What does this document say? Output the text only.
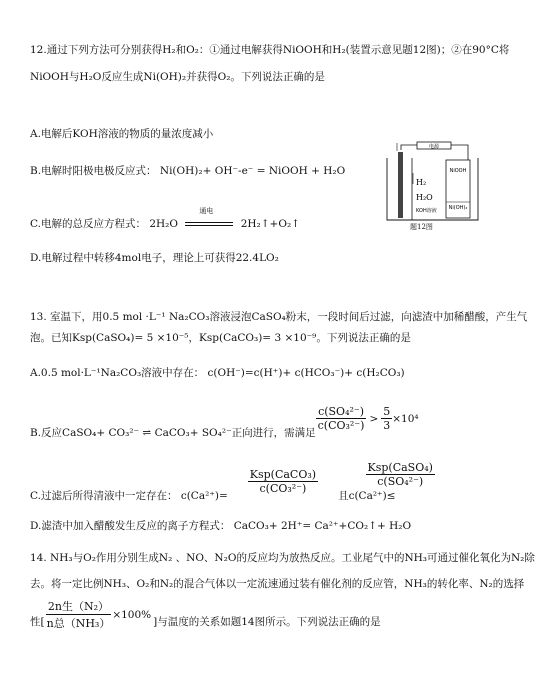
12.通过下列方法可分别获得H₂和O₂：①通过电解获得NiOOH和H₂(装置示意见题12图)；②在90°C将
NiOOH与H₂O反应生成Ni(OH)₂并获得O₂。下列说法正确的是
A.电解后KOH溶液的物质的量浓度减小
B.电解时阳极电极反应式： Ni(OH)₂+ OH⁻-e⁻ = NiOOH + H₂O
C.电解的总反应方程式： 2H₂O
通电
2H₂↑+O₂↑
D.电解过程中转移4mol电子，理论上可获得22.4LO₂
电源
NiOOH
Ni(OH)₂
H₂
H₂O
KOH溶液
题12图
13. 室温下，用0.5 mol ·L⁻¹ Na₂CO₃溶液浸泡CaSO₄粉末，一段时间后过滤，向滤渣中加稀醋酸，产生气
泡。已知Ksp(CaSO₄)= 5 ×10⁻⁵，Ksp(CaCO₃)= 3 ×10⁻⁹。下列说法正确的是
A.0.5 mol·L⁻¹Na₂CO₃溶液中存在： c(OH⁻)=c(H⁺)+ c(HCO₃⁻)+ c(H₂CO₃)
B.反应CaSO₄+ CO₃²⁻ ⇌ CaCO₃+ SO₄²⁻正向进行，需满足
$\frac{\text{c(SO₄²⁻)}}{\text{c(CO₃²⁻)}} > \frac{5}{3} \times 10^4$
C.过滤后所得清液中一定存在： c(Ca²⁺)=
$\frac{\text{Ksp(CaCO₃)}}{\text{c(CO₃²⁻)}}$
且c(Ca²⁺)≤
$\frac{\text{Ksp(CaSO₄)}}{\text{c(SO₄²⁻)}}$
D.滤渣中加入醋酸发生反应的离子方程式： CaCO₃+ 2H⁺= Ca²⁺+CO₂↑+ H₂O
14. NH₃与O₂作用分别生成N₂ 、NO、N₂O的反应均为放热反应。工业尾气中的NH₃可通过催化氧化为N₂除
去。将一定比例NH₃、O₂和N₂的混合气体以一定流速通过装有催化剂的反应管，NH₃的转化率、N₂的选择
性[ $\frac{\text{2n生（N₂）}}{\text{n总（NH₃）}} \times 100\%$
]与温度的关系如题14图所示。下列说法正确的是
